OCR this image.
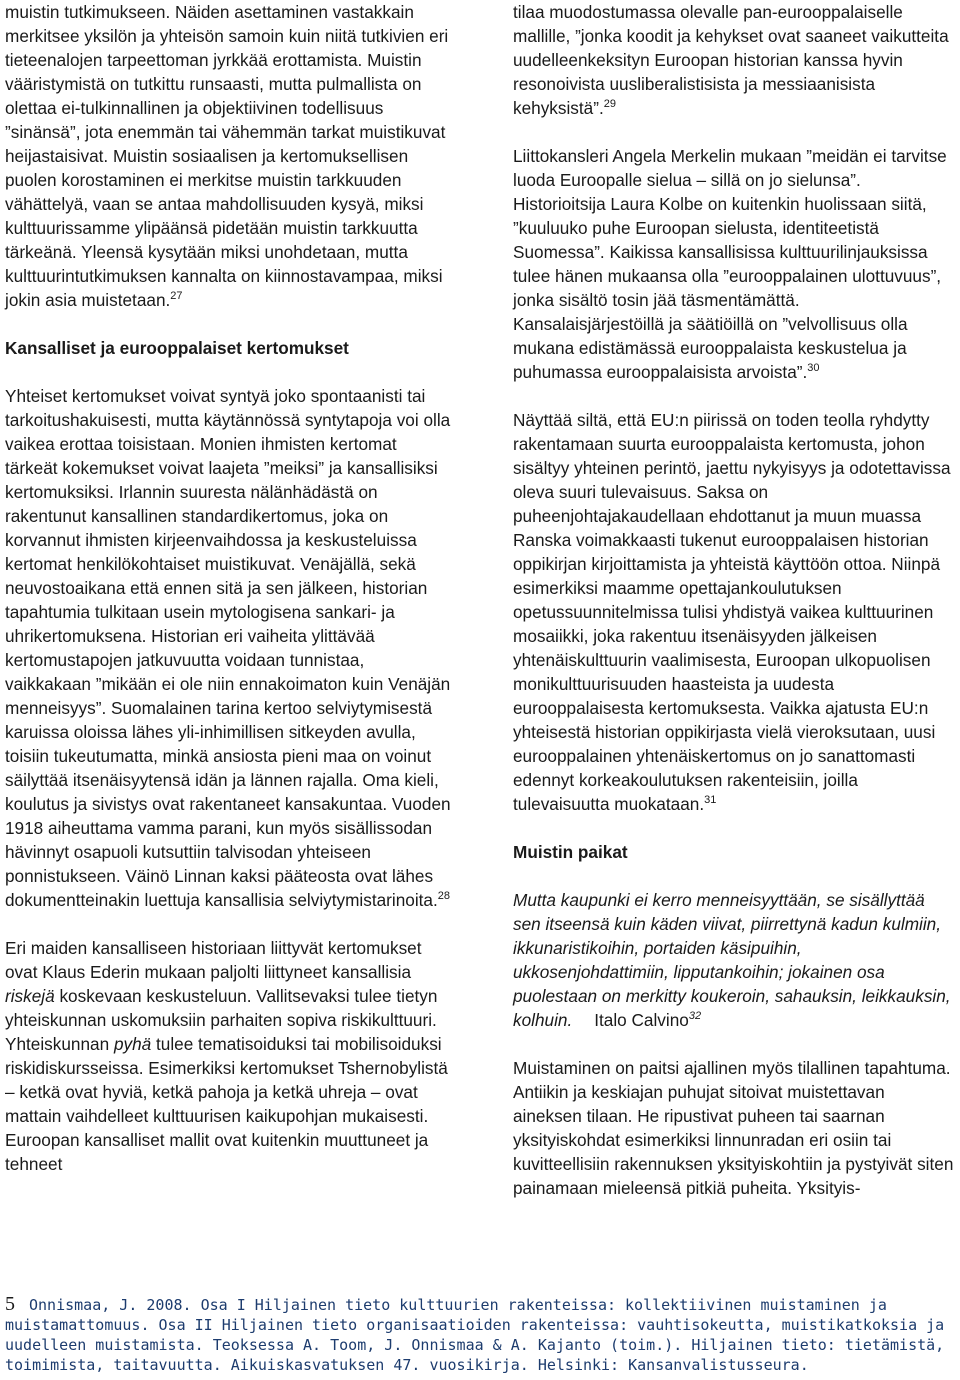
muistin tutkimukseen. Näiden asettaminen vastakkain merkitsee yksilön ja yhteisön samoin kuin niitä tutkivien eri tieteenalojen tarpeettoman jyrkkää erottamista. Muistin vääristymistä on tutkittu runsaasti, mutta pulmallista on olettaa ei-tulkinnallinen ja objektiivinen todellisuus ”sinänsä”, jota enemmän tai vähemmän tarkat muistikuvat heijastaisivat. Muistin sosiaalisen ja kertomuksellisen puolen korostaminen ei merkitse muistin tarkkuuden vähättelyä, vaan se antaa mahdollisuuden kysyä, miksi kulttuurissamme ylipäänsä pidetään muistin tarkkuutta tärkeänä. Yleensä kysytään miksi unohdetaan, mutta kulttuurintutkimuksen kannalta on kiinnostavampaa, miksi jokin asia muistetaan.$^{27}$

Kansalliset ja eurooppalaiset kertomukset

Yhteiset kertomukset voivat syntyä joko spontaanisti tai tarkoitushakuisesti, mutta käytännössä syntytapoja voi olla vaikea erottaa toisistaan. Monien ihmisten kertomat tärkeät kokemukset voivat laajeta ”meiksi” ja kansallisiksi kertomuksiksi. Irlannin suuresta nälänhädästä on rakentunut kansallinen standardikertomus, joka on korvannut ihmisten kirjeenvaihdossa ja keskusteluissa kertomat henkilökohtaiset muistikuvat. Venäjällä, sekä neuvostoaikana että ennen sitä ja sen jälkeen, historian tapahtumia tulkitaan usein mytologisena sankari- ja uhrikertomuksena. Historian eri vaiheita ylittävää kertomustapojen jatkuvuutta voidaan tunnistaa, vaikkakaan ”mikään ei ole niin ennakoimaton kuin Venäjän menneisyys”. Suomalainen tarina kertoo selviytymisestä karuissa oloissa lähes yli-inhimillisen sitkeyden avulla, toisiin tukeutumatta, minkä ansiosta pieni maa on voinut säilyttää itsenäisyytensä idän ja lännen rajalla. Oma kieli, koulutus ja sivistys ovat rakentaneet kansakuntaa. Vuoden 1918 aiheuttama vamma parani, kun myös sisällissodan hävinnyt osapuoli kutsuttiin talvisodan yhteiseen ponnistukseen. Väinö Linnan kaksi pääteosta ovat lähes dokumentteinakin luettuja kansallisia selviytymistarinoita.$^{28}$

Eri maiden kansalliseen historiaan liittyvät kertomukset ovat Klaus Ederin mukaan paljolti liittyneet kansallisia riskejä koskevaan keskusteluun. Vallitsevaksi tulee tietyn yhteiskunnan uskomuksiin parhaiten sopiva riskikulttuuri. Yhteiskunnan pyhä tulee tematisoiduksi tai mobilisoiduksi riskidiskursseissa. Esimerkiksi kertomukset Tshernobylistä – ketkä ovat hyviä, ketkä pahoja ja ketkä uhreja – ovat mattain vaihdelleet kulttuurisen kaikupohjan mukaisesti. Euroopan kansalliset mallit ovat kuitenkin muuttuneet ja tehneet

tilaa muodostumassa olevalle pan-eurooppalaiselle mallille, ”jonka koodit ja kehykset ovat saaneet vaikutteita uudelleenkeksityn Euroopan historian kanssa hyvin resonoivista uusliberalistisista ja messiaanisista kehyksistä”.$^{29}$

Liittokansleri Angela Merkelin mukaan ”meidän ei tarvitse luoda Euroopalle sielua – sillä on jo sielunsa”. Historioitsija Laura Kolbe on kuitenkin huolissaan siitä, ”kuuluuko puhe Euroopan sielusta, identiteetistä Suomessa”. Kaikissa kansallisissa kulttuurilinjauksissa tulee hänen mukaansa olla ”eurooppalainen ulottuvuus”, jonka sisältö tosin jää täsmentämättä. Kansalaisjärjestöillä ja säätiöillä on ”velvollisuus olla mukana edistämässä eurooppalaista keskustelua ja puhumassa eurooppalaisista arvoista”.$^{30}$

Näyttää siltä, että EU:n piirissä on toden teolla ryhdytty rakentamaan suurta eurooppalaista kertomusta, johon sisältyy yhteinen perintö, jaettu nykyisyys ja odotettavissa oleva suuri tulevaisuus. Saksa on puheenjohtajakaudellaan ehdottanut ja muun muassa Ranska voimakkaasti tukenut eurooppalaisen historian oppikirjan kirjoittamista ja yhteistä käyttöön ottoa. Niinpä esimerkiksi maamme opettajankoulutuksen opetussuunnitelmissa tulisi yhdistyä vaikea kulttuurinen mosaiikki, joka rakentuu itsenäisyyden jälkeisen yhtenäiskulttuurin vaalimisesta, Euroopan ulkopuolisen monikulttuurisuuden haasteista ja uudesta eurooppalaisesta kertomuksesta. Vaikka ajatusta EU:n yhteisestä historian oppikirjasta vielä vieroksutaan, uusi eurooppalainen yhtenäiskertomus on jo sanattomasti edennyt korkeakoulutuksen rakenteisiin, joilla tulevaisuutta muokataan.$^{31}$

Muistin paikat

Mutta kaupunki ei kerro menneisyyttään, se sisällyttää sen itseensä kuin käden viivat, piirrettynä kadun kulmiin, ikkunaristikoihin, portaiden käsipuihin, ukkosenjohdattimiin, lipputankoihin; jokainen osa puolestaan on merkitty koukeroin, sahauksin, leikkauksin, kolhuin. Italo Calvino$^{32}$

Muistaminen on paitsi ajallinen myös tilallinen tapahtuma. Antiikin ja keskiajan puhujat sitoivat muistettavan aineksen tilaan. He ripustivat puheen tai saarnan yksityiskohdat esimerkiksi linnunradan eri osiin tai kuvitteellisiin rakennuksen yksityiskohtiin ja pystyivät siten painamaan mieleensä pitkiä puheita. Yksityis-

5 Onnismaa, J. 2008. Osa I Hiljainen tieto kulttuurien rakenteissa: kollektiivinen muistaminen ja muistamattomuus. Osa II Hiljainen tieto organisaatioiden rakenteissa: vauhtisokeutta, muistikatkoksia ja uudelleen muistamista. Teoksessa A. Toom, J. Onnismaa & A. Kajanto (toim.). Hiljainen tieto: tietämistä, toimimista, taitavuutta. Aikuiskasvatuksen 47. vuosikirja. Helsinki: Kansanvalistusseura.
